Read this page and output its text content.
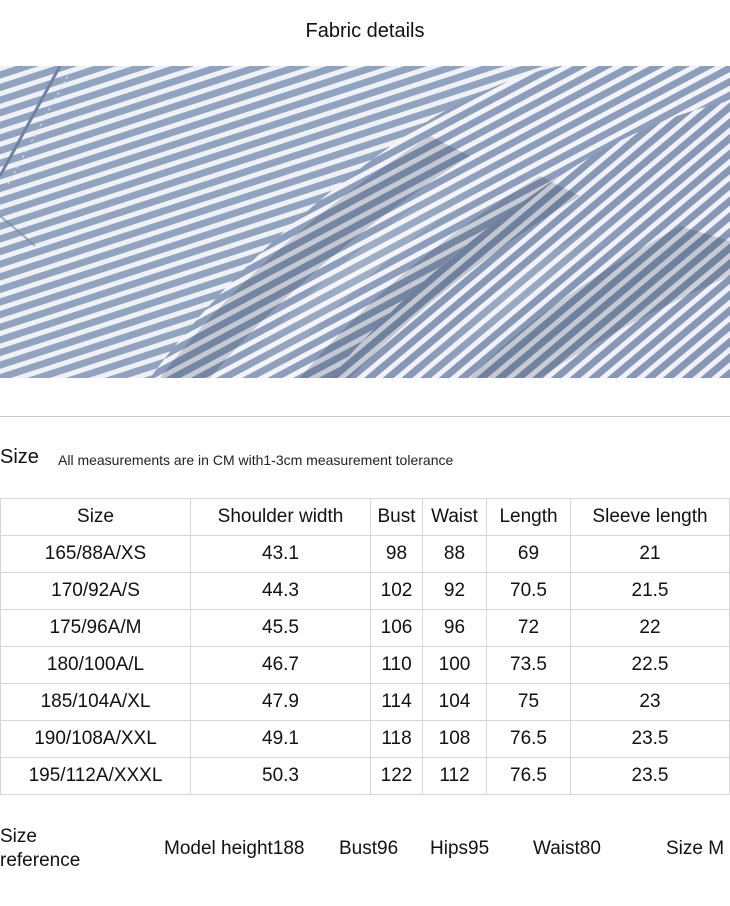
Fabric details
Size All measurements are in CM with1-3cm measurement tolerance
Size	Shoulder width	Bust	Waist	Length	Sleeve length
165/88A/XS	43.1	98	88	69	21
170/92A/S	44.3	102	92	70.5	21.5
175/96A/M	45.5	106	96	72	22
180/100A/L	46.7	110	100	73.5	22.5
185/104A/XL	47.9	114	104	75	23
190/108A/XXL	49.1	118	108	76.5	23.5
195/112A/XXXL	50.3	122	112	76.5	23.5
Size
reference
Model height188 Bust96 Hips95 Waist80	Size M
